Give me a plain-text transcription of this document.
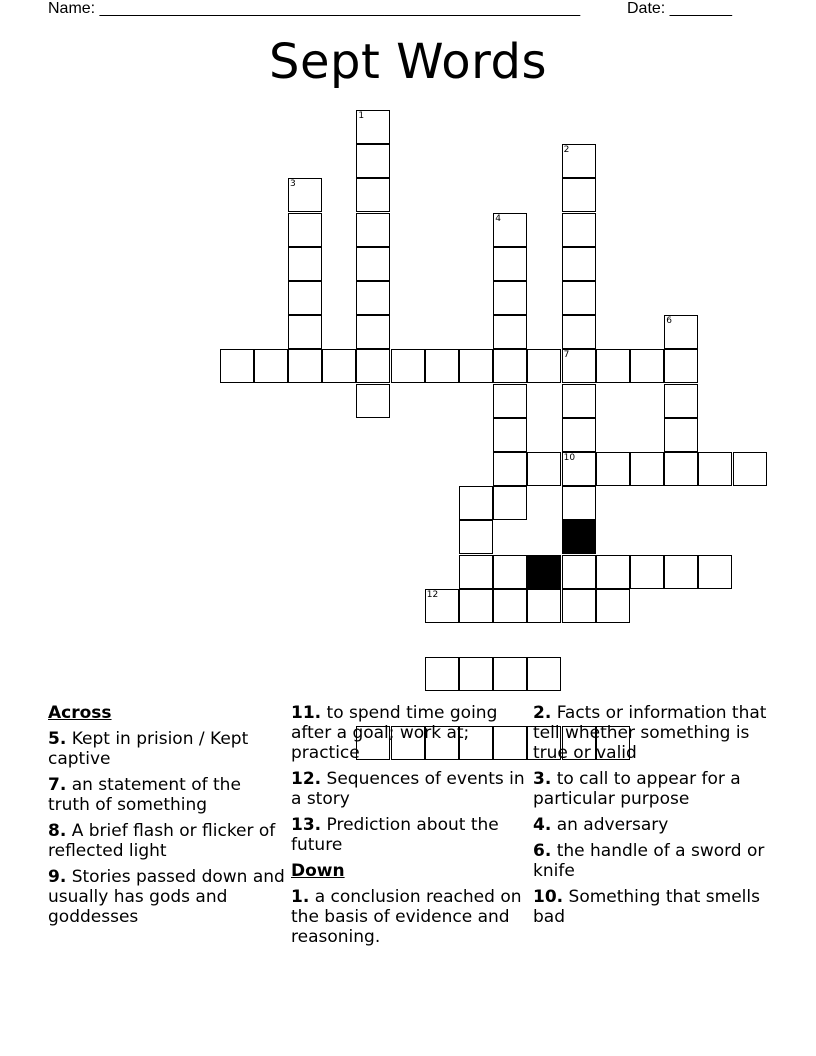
Name: ______________________________________________________	Date: _______
Sept Words
1
2
7
10
3
4
6
12
Across
5. Kept in prision / Kept captive
7. an statement of the truth of something
8. A brief flash or flicker of reflected light
9. Stories passed down and usually has gods and goddesses
11. to spend time going after a goal; work at; practice
12. Sequences of events in a story
13. Prediction about the future
Down
1. a conclusion reached on the basis of evidence and reasoning.
2. Facts or information that tell whether something is true or valid
3. to call to appear for a particular purpose
4. an adversary
6. the handle of a sword or knife
10. Something that smells bad
